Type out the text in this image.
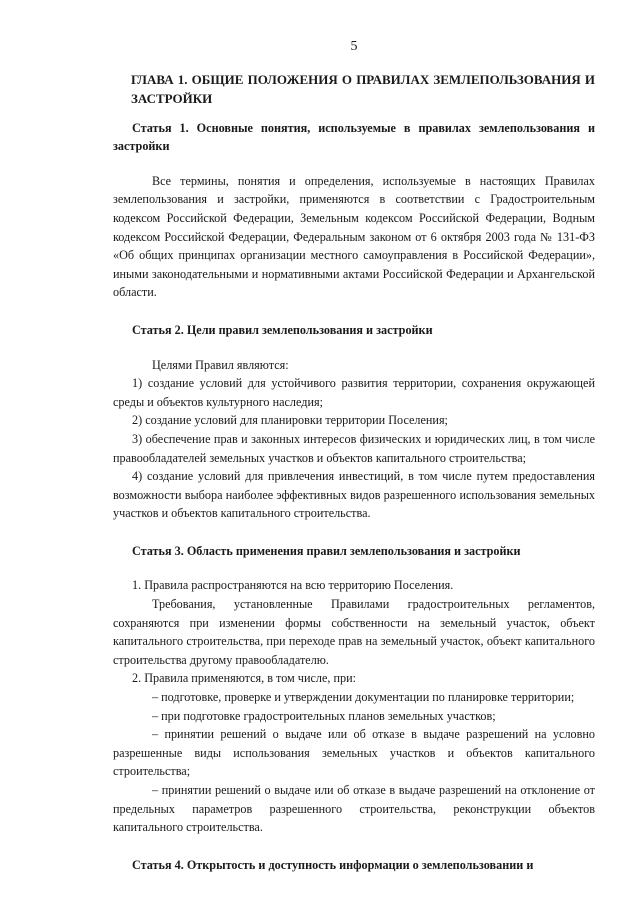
5
ГЛАВА 1. ОБЩИЕ ПОЛОЖЕНИЯ О ПРАВИЛАХ ЗЕМЛЕПОЛЬЗОВАНИЯ И ЗАСТРОЙКИ
Статья 1. Основные понятия, используемые в правилах землепользования и застройки

Все термины, понятия и определения, используемые в настоящих Правилах землепользования и застройки, применяются в соответствии с Градостроительным кодексом Российской Федерации, Земельным кодексом Российской Федерации, Водным кодексом Российской Федерации, Федеральным законом от 6 октября 2003 года № 131-ФЗ «Об общих принципах организации местного самоуправления в Российской Федерации», иными законодательными и нормативными актами Российской Федерации и Архангельской области.

Статья 2. Цели правил землепользования и застройки

Целями Правил являются:

1) создание условий для устойчивого развития территории, сохранения окружающей среды и объектов культурного наследия;

2) создание условий для планировки территории Поселения;

3) обеспечение прав и законных интересов физических и юридических лиц, в том числе правообладателей земельных участков и объектов капитального строительства;

4) создание условий для привлечения инвестиций, в том числе путем предоставления возможности выбора наиболее эффективных видов разрешенного использования земельных участков и объектов капитального строительства.

Статья 3. Область применения правил землепользования и застройки

1. Правила распространяются на всю территорию Поселения.

Требования, установленные Правилами градостроительных регламентов, сохраняются при изменении формы собственности на земельный участок, объект капитального строительства, при переходе прав на земельный участок, объект капитального строительства другому правообладателю.

2. Правила применяются, в том числе, при:

– подготовке, проверке и утверждении документации по планировке территории;

– при подготовке градостроительных планов земельных участков;

– принятии решений о выдаче или об отказе в выдаче разрешений на условно разрешенные виды использования земельных участков и объектов капитального строительства;

– принятии решений о выдаче или об отказе в выдаче разрешений на отклонение от предельных параметров разрешенного строительства, реконструкции объектов капитального строительства.

Статья 4. Открытость и доступность информации о землепользовании и
